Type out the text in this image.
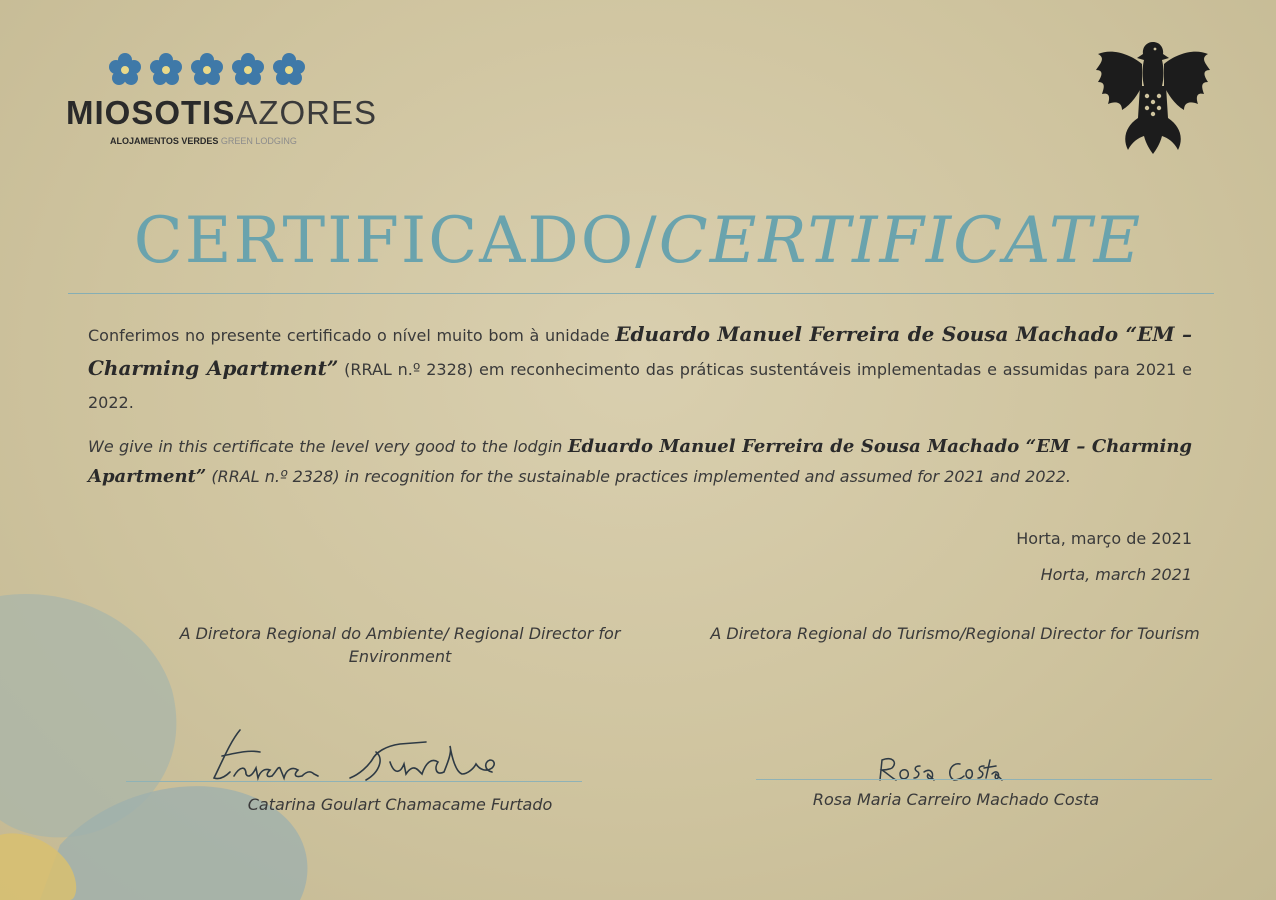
MIOSOTISAZORES
ALOJAMENTOS VERDES GREEN LODGING
CERTIFICADO/CERTIFICATE
Conferimos no presente certificado o nível muito bom à unidade Eduardo Manuel Ferreira de Sousa Machado “EM – Charming Apartment” (RRAL n.º 2328) em reconhecimento das práticas sustentáveis implementadas e assumidas para 2021 e 2022.
We give in this certificate the level very good to the lodgin Eduardo Manuel Ferreira de Sousa Machado “EM – Charming Apartment” (RRAL n.º 2328) in recognition for the sustainable practices implemented and assumed for 2021 and 2022.
Horta, março de 2021
Horta, march 2021
A Diretora Regional do Ambiente/ Regional Director for Environment
A Diretora Regional do Turismo/Regional Director for Tourism
Catarina Goulart Chamacame Furtado	Rosa Maria Carreiro Machado Costa
